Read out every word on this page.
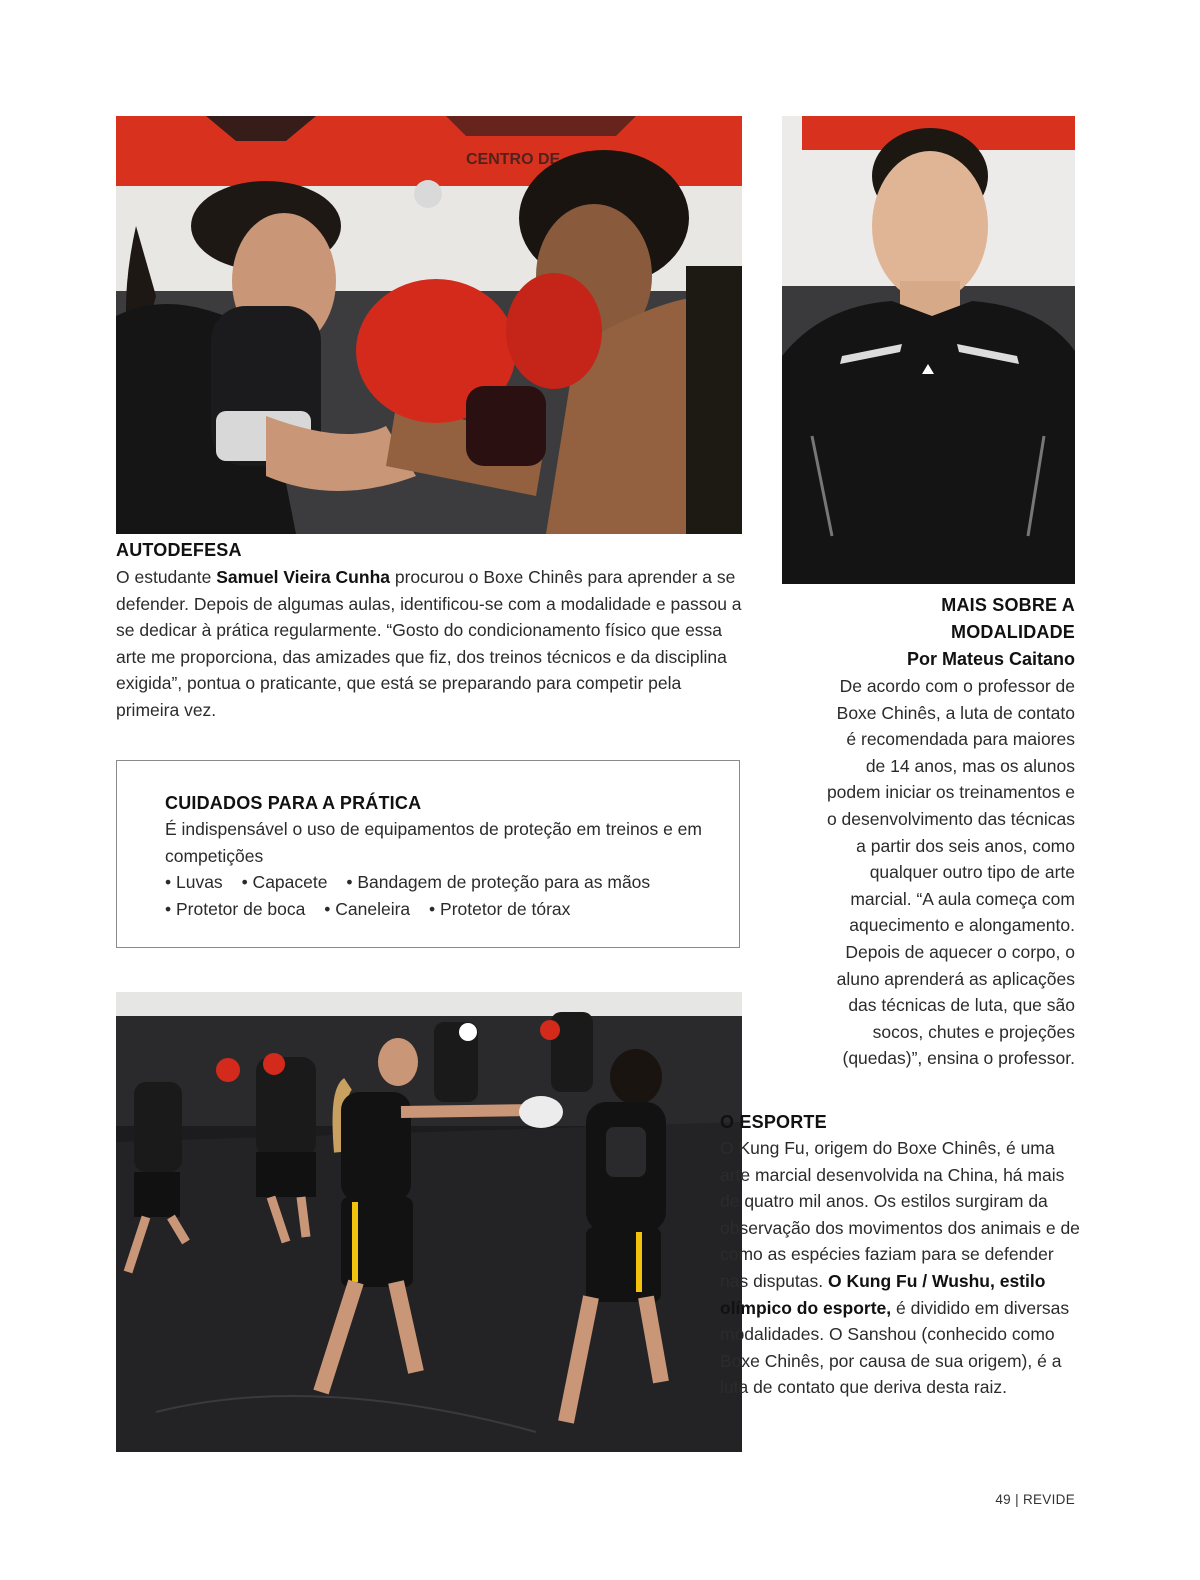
CENTRO DE
AUTODEFESA
O estudante Samuel Vieira Cunha procurou o Boxe Chinês para aprender a se defender. Depois de algumas aulas, identificou-se com a modalidade e passou a se dedicar à prática regularmente. “Gosto do condicionamento físico que essa arte me proporciona, das amizades que fiz, dos treinos técnicos e da disciplina exigida”, pontua o praticante, que está se preparando para competir pela primeira vez.
CUIDADOS PARA A PRÁTICA
É indispensável o uso de equipamentos de proteção em treinos e em competições
• Luvas • Capacete • Bandagem de proteção para as mãos
• Protetor de boca • Caneleira • Protetor de tórax
MAIS SOBRE A
MODALIDADE
Por Mateus Caitano
De acordo com o professor de
Boxe Chinês, a luta de contato
é recomendada para maiores
de 14 anos, mas os alunos
podem iniciar os treinamentos e
o desenvolvimento das técnicas
a partir dos seis anos, como
qualquer outro tipo de arte
marcial. “A aula começa com
aquecimento e alongamento.
Depois de aquecer o corpo, o
aluno aprenderá as aplicações
das técnicas de luta, que são
socos, chutes e projeções
(quedas)”, ensina o professor.
O ESPORTE
O Kung Fu, origem do Boxe Chinês, é uma arte marcial desenvolvida na China, há mais de quatro mil anos. Os estilos surgiram da observação dos movimentos dos animais e de como as espécies faziam para se defender nas disputas. O Kung Fu / Wushu, estilo olímpico do esporte, é dividido em diversas modalidades. O Sanshou (conhecido como Boxe Chinês, por causa de sua origem), é a luta de contato que deriva desta raiz.
49 | REVIDE
